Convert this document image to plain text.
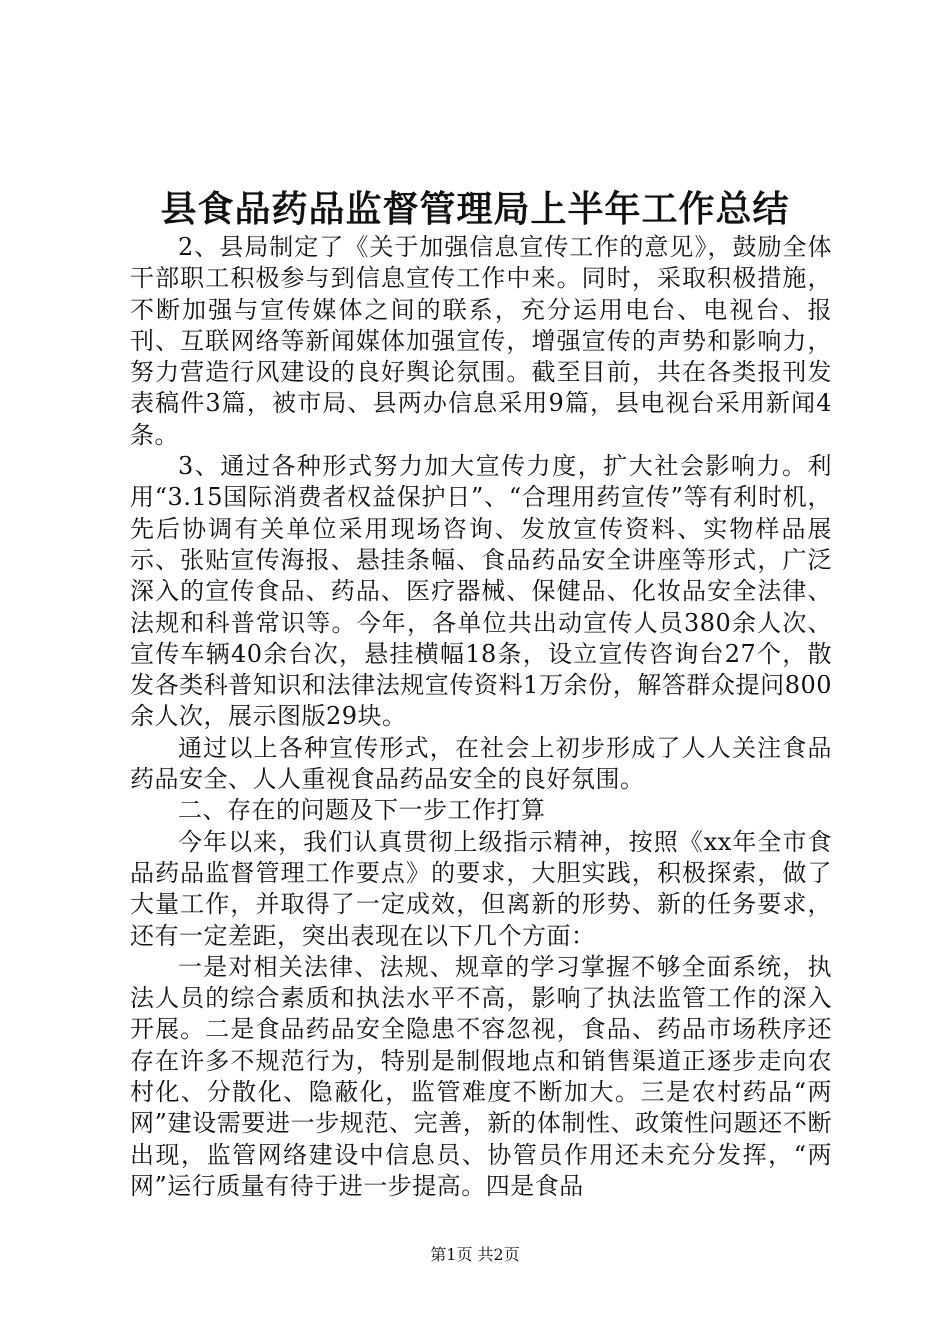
县食品药品监督管理局上半年工作总结

2、县局制定了《关于加强信息宣传工作的意见》，鼓励全体干部职工积极参与到信息宣传工作中来。同时，采取积极措施，不断加强与宣传媒体之间的联系，充分运用电台、电视台、报刊、互联网络等新闻媒体加强宣传，增强宣传的声势和影响力，努力营造行风建设的良好舆论氛围。截至目前，共在各类报刊发表稿件3篇，被市局、县两办信息采用9篇，县电视台采用新闻4条。

3、通过各种形式努力加大宣传力度，扩大社会影响力。利用“3.15国际消费者权益保护日”、“合理用药宣传”等有利时机，先后协调有关单位采用现场咨询、发放宣传资料、实物样品展示、张贴宣传海报、悬挂条幅、食品药品安全讲座等形式，广泛深入的宣传食品、药品、医疗器械、保健品、化妆品安全法律、法规和科普常识等。今年，各单位共出动宣传人员380余人次、宣传车辆40余台次，悬挂横幅18条，设立宣传咨询台27个，散发各类科普知识和法律法规宣传资料1万余份，解答群众提问800余人次，展示图版29块。

通过以上各种宣传形式，在社会上初步形成了人人关注食品药品安全、人人重视食品药品安全的良好氛围。

二、存在的问题及下一步工作打算

今年以来，我们认真贯彻上级指示精神，按照《xx年全市食品药品监督管理工作要点》的要求，大胆实践，积极探索，做了大量工作，并取得了一定成效，但离新的形势、新的任务要求，还有一定差距，突出表现在以下几个方面：

一是对相关法律、法规、规章的学习掌握不够全面系统，执法人员的综合素质和执法水平不高，影响了执法监管工作的深入开展。二是食品药品安全隐患不容忽视，食品、药品市场秩序还存在许多不规范行为，特别是制假地点和销售渠道正逐步走向农村化、分散化、隐蔽化，监管难度不断加大。三是农村药品“两网”建设需要进一步规范、完善，新的体制性、政策性问题还不断出现，监管网络建设中信息员、协管员作用还未充分发挥，“两网”运行质量有待于进一步提高。四是食品

第1页 共2页
